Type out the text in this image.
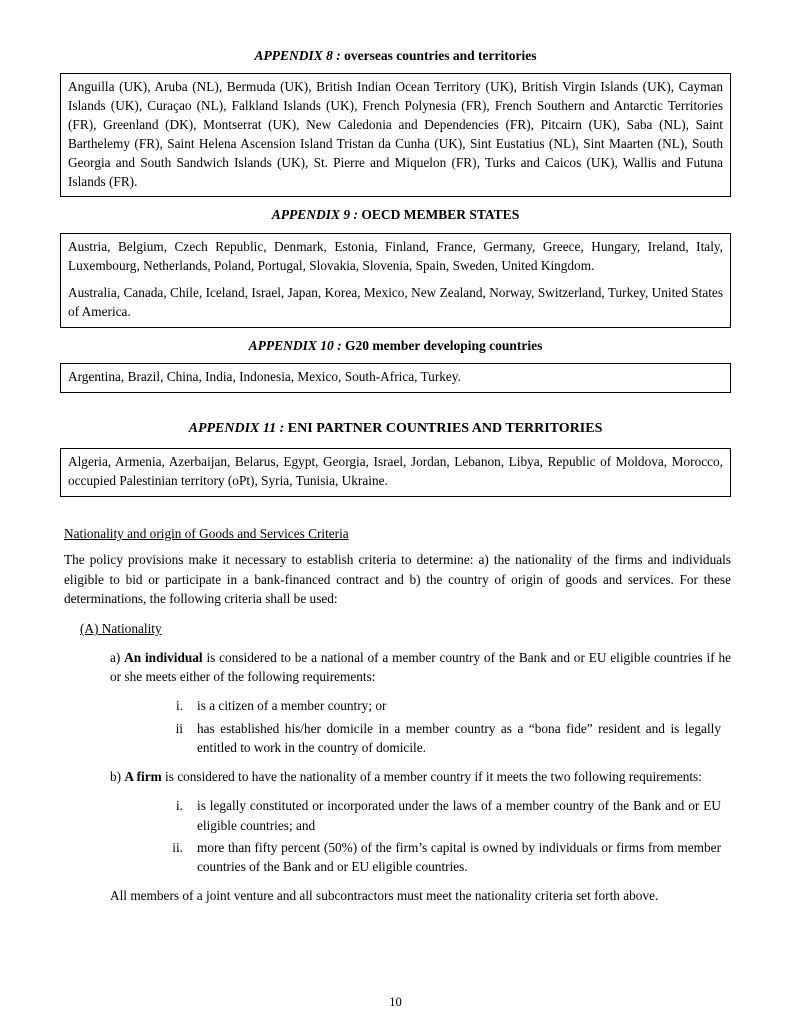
APPENDIX 8 : overseas countries and territories

Anguilla (UK), Aruba (NL), Bermuda (UK), British Indian Ocean Territory (UK), British Virgin Islands (UK), Cayman Islands (UK), Curaçao (NL), Falkland Islands (UK), French Polynesia (FR), French Southern and Antarctic Territories (FR), Greenland (DK), Montserrat (UK), New Caledonia and Dependencies (FR), Pitcairn (UK), Saba (NL), Saint Barthelemy (FR), Saint Helena Ascension Island Tristan da Cunha (UK), Sint Eustatius (NL), Sint Maarten (NL), South Georgia and South Sandwich Islands (UK), St. Pierre and Miquelon (FR), Turks and Caicos (UK), Wallis and Futuna Islands (FR).

APPENDIX 9 : OECD MEMBER STATES

Austria, Belgium, Czech Republic, Denmark, Estonia, Finland, France, Germany, Greece, Hungary, Ireland, Italy, Luxembourg, Netherlands, Poland, Portugal, Slovakia, Slovenia, Spain, Sweden, United Kingdom.

Australia, Canada, Chile, Iceland, Israel, Japan, Korea, Mexico, New Zealand, Norway, Switzerland, Turkey, United States of America.

APPENDIX 10 : G20 member developing countries

Argentina, Brazil, China, India, Indonesia, Mexico, South-Africa, Turkey.

APPENDIX 11 : ENI PARTNER COUNTRIES AND TERRITORIES

Algeria, Armenia, Azerbaijan, Belarus, Egypt, Georgia, Israel, Jordan, Lebanon, Libya, Republic of Moldova, Morocco, occupied Palestinian territory (oPt), Syria, Tunisia, Ukraine.

Nationality and origin of Goods and Services Criteria
The policy provisions make it necessary to establish criteria to determine: a) the nationality of the firms and individuals eligible to bid or participate in a bank-financed contract and b) the country of origin of goods and services. For these determinations, the following criteria shall be used:
(A) Nationality
a) An individual is considered to be a national of a member country of the Bank and or EU eligible countries if he or she meets either of the following requirements:
i.	is a citizen of a member country; or
ii	has established his/her domicile in a member country as a “bona fide” resident and is legally entitled to work in the country of domicile.
b) A firm is considered to have the nationality of a member country if it meets the two following requirements:
i.	is legally constituted or incorporated under the laws of a member country of the Bank and or EU eligible countries; and
ii.	more than fifty percent (50%) of the firm’s capital is owned by individuals or firms from member countries of the Bank and or EU eligible countries.
All members of a joint venture and all subcontractors must meet the nationality criteria set forth above.
10
